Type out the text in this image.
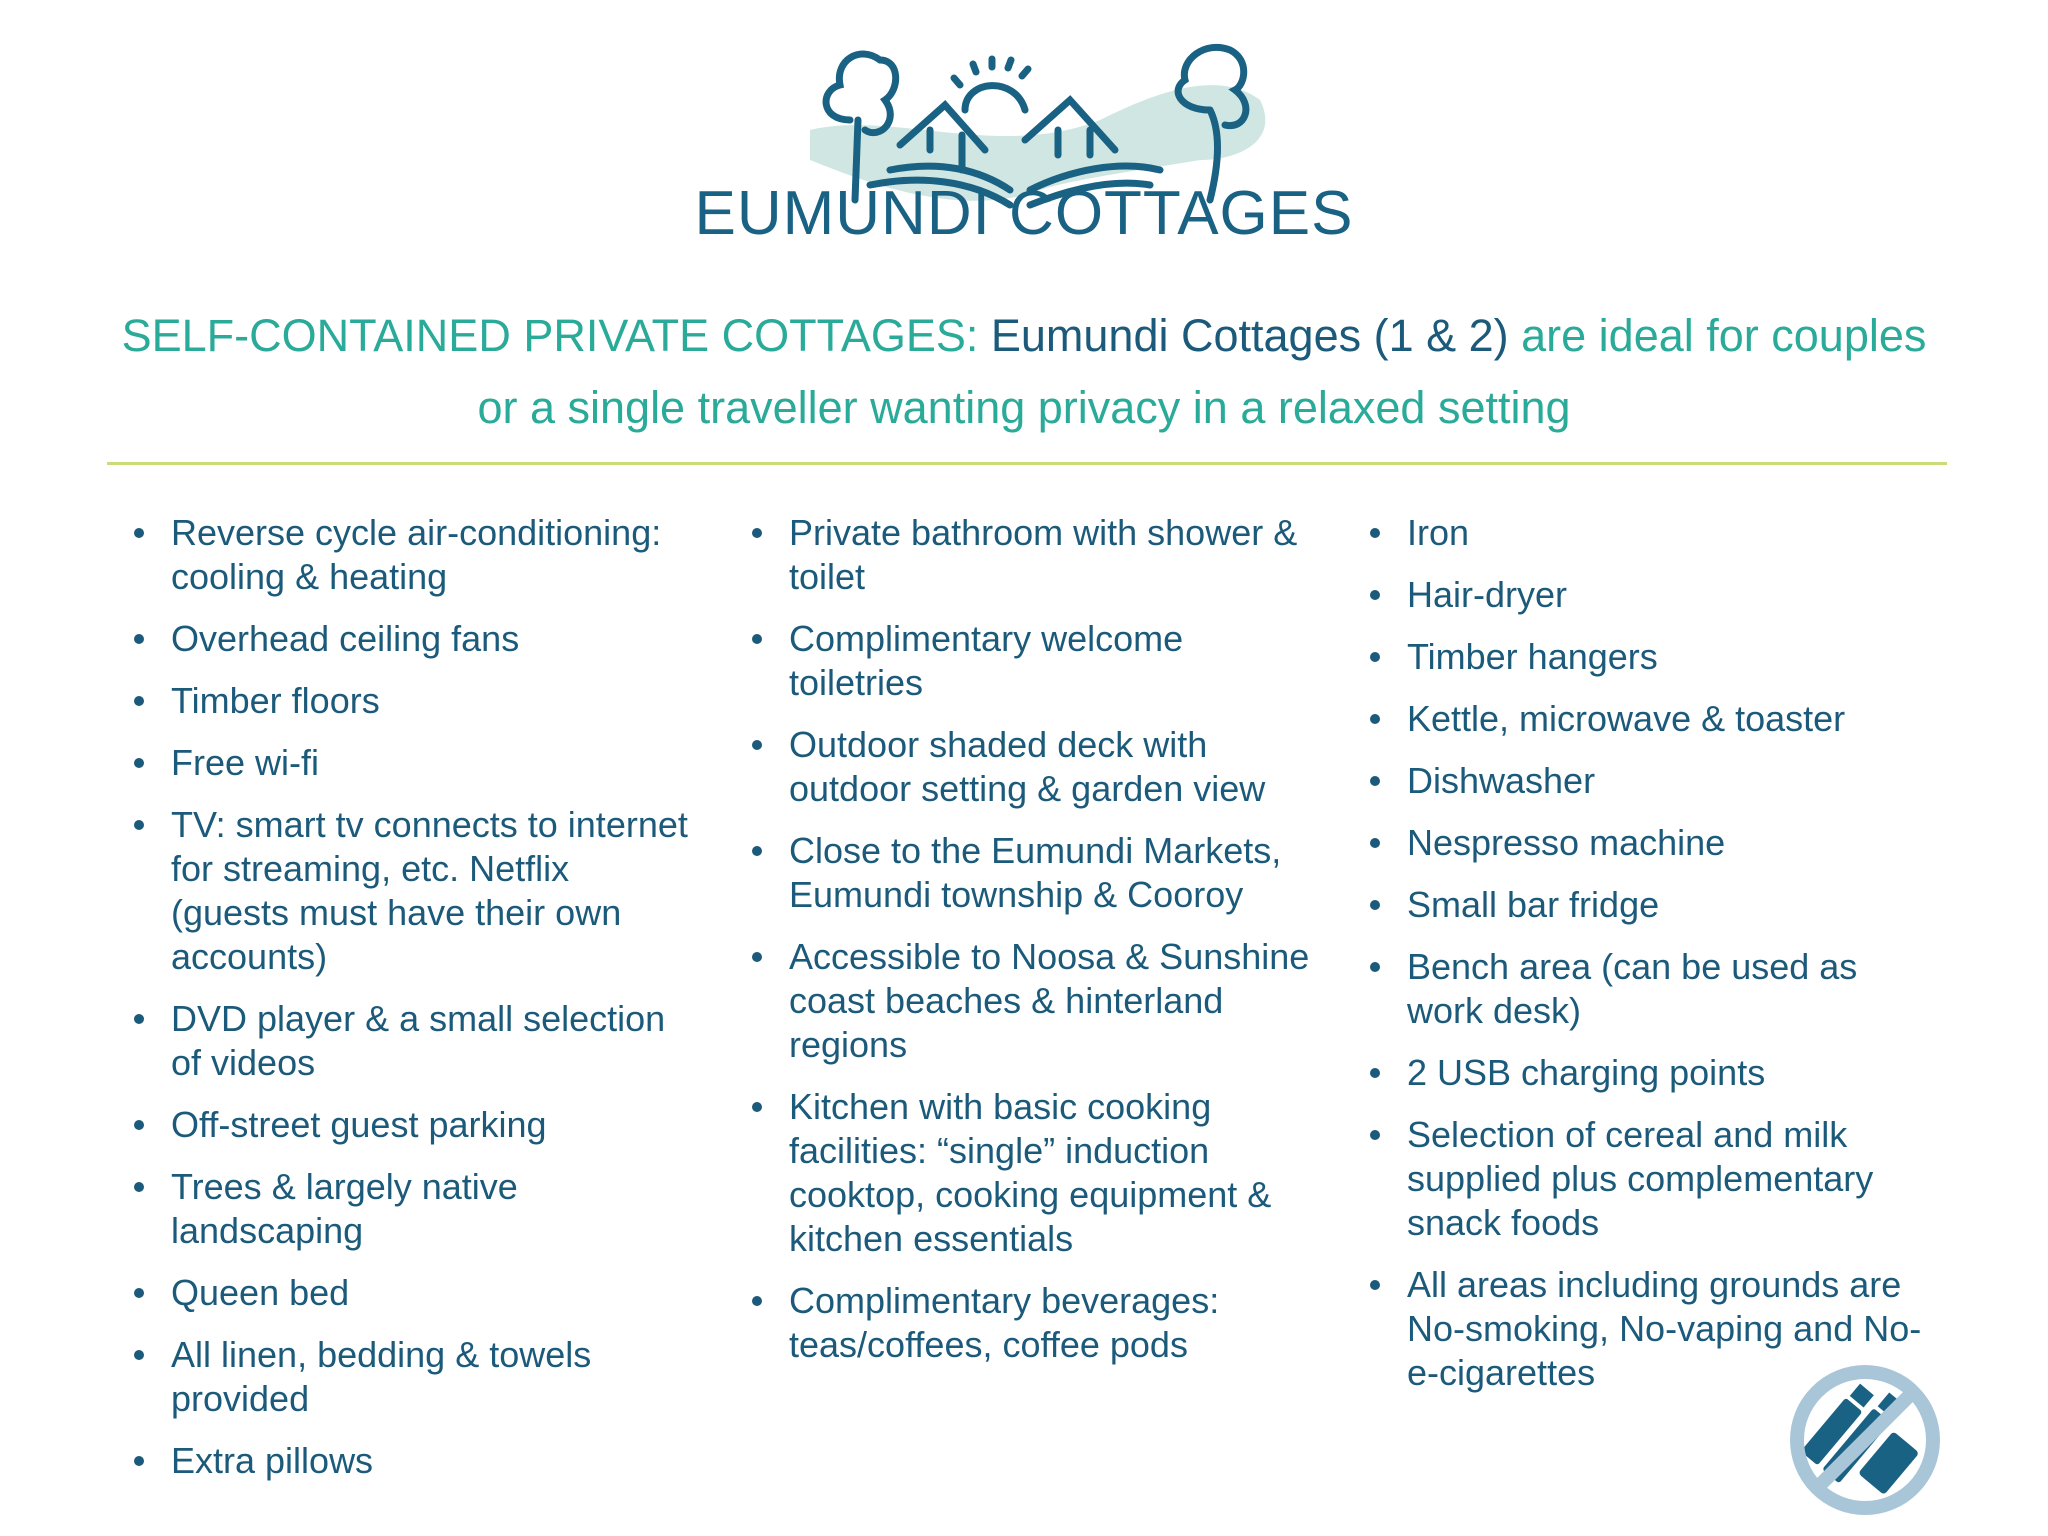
EUMUNDI COTTAGES
SELF-CONTAINED PRIVATE COTTAGES: Eumundi Cottages (1 & 2) are ideal for couples or a single traveller wanting privacy in a relaxed setting
Reverse cycle air-conditioning: cooling & heating
Overhead ceiling fans
Timber floors
Free wi-fi
TV: smart tv connects to internet for streaming, etc. Netflix (guests must have their own accounts)
DVD player & a small selection of videos
Off-street guest parking
Trees & largely native landscaping
Queen bed
All linen, bedding & towels provided
Extra pillows
Private bathroom with shower & toilet
Complimentary welcome toiletries
Outdoor shaded deck with outdoor setting & garden view
Close to the Eumundi Markets, Eumundi township & Cooroy
Accessible to Noosa & Sunshine coast beaches & hinterland regions
Kitchen with basic cooking facilities: “single” induction cooktop, cooking equipment & kitchen essentials
Complimentary beverages: teas/coffees, coffee pods
Iron
Hair-dryer
Timber hangers
Kettle, microwave & toaster
Dishwasher
Nespresso machine
Small bar fridge
Bench area (can be used as work desk)
2 USB charging points
Selection of cereal and milk supplied plus complementary snack foods
All areas including grounds are No-smoking, No-vaping and No-e-cigarettes
